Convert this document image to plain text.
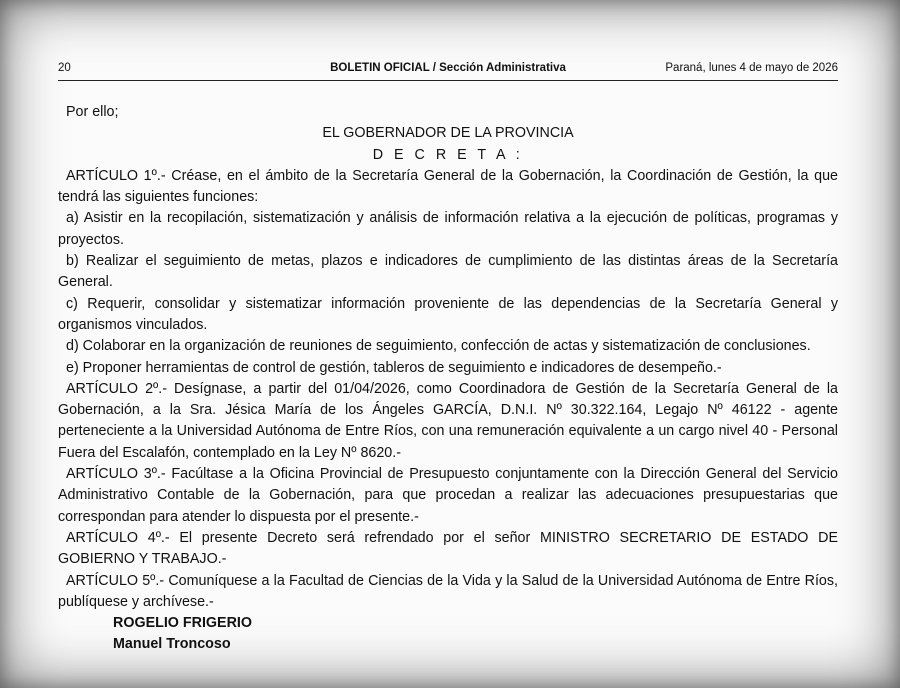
20	BOLETIN OFICIAL / Sección Administrativa	Paraná, lunes 4 de mayo de 2026

Por ello;

EL GOBERNADOR DE LA PROVINCIA

D E C R E T A :

ARTÍCULO 1º.- Créase, en el ámbito de la Secretaría General de la Gobernación, la Coordinación de Gestión, la que tendrá las siguientes funciones:

a) Asistir en la recopilación, sistematización y análisis de información relativa a la ejecución de políticas, programas y proyectos.

b) Realizar el seguimiento de metas, plazos e indicadores de cumplimiento de las distintas áreas de la Secretaría General.

c) Requerir, consolidar y sistematizar información proveniente de las dependencias de la Secretaría General y organismos vinculados.

d) Colaborar en la organización de reuniones de seguimiento, confección de actas y sistematización de conclusiones.

e) Proponer herramientas de control de gestión, tableros de seguimiento e indicadores de desempeño.-

ARTÍCULO 2º.- Desígnase, a partir del 01/04/2026, como Coordinadora de Gestión de la Secretaría General de la Gobernación, a la Sra. Jésica María de los Ángeles GARCÍA, D.N.I. Nº 30.322.164, Legajo Nº 46122 - agente perteneciente a la Universidad Autónoma de Entre Ríos, con una remuneración equivalente a un cargo nivel 40 - Personal Fuera del Escalafón, contemplado en la Ley Nº 8620.-

ARTÍCULO 3º.- Facúltase a la Oficina Provincial de Presupuesto conjuntamente con la Dirección General del Servicio Administrativo Contable de la Gobernación, para que procedan a realizar las adecuaciones presupuestarias que correspondan para atender lo dispuesta por el presente.-

ARTÍCULO 4º.- El presente Decreto será refrendado por el señor MINISTRO SECRETARIO DE ESTADO DE GOBIERNO Y TRABAJO.-

ARTÍCULO 5º.- Comuníquese a la Facultad de Ciencias de la Vida y la Salud de la Universidad Autónoma de Entre Ríos, publíquese y archívese.-

ROGELIO FRIGERIO

Manuel Troncoso
